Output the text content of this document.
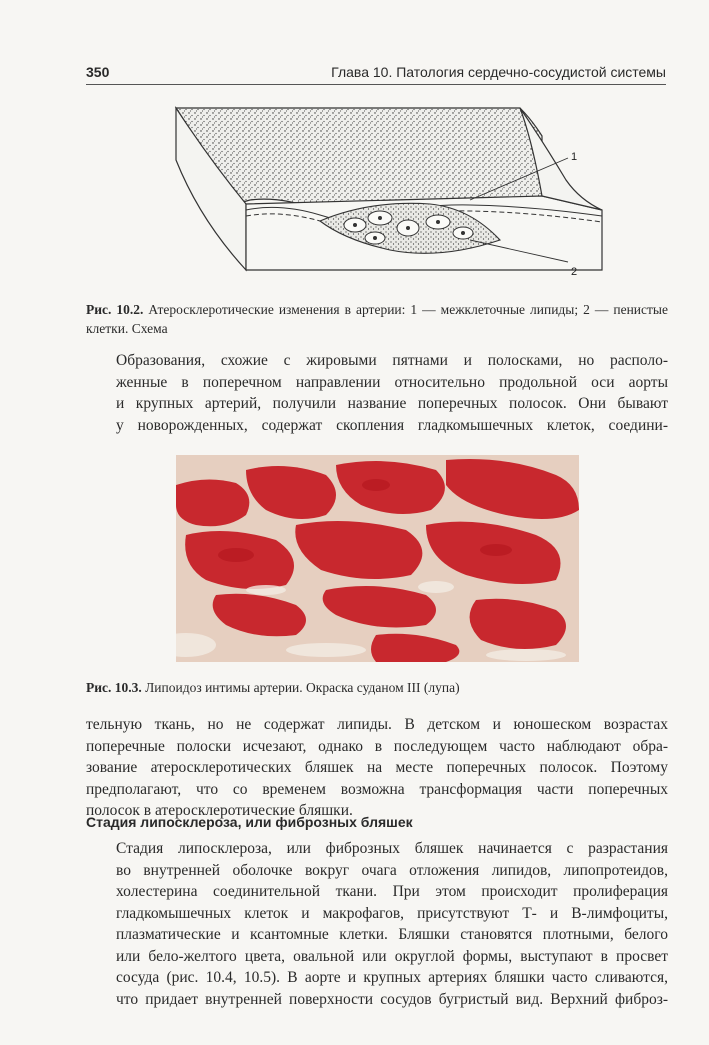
350	Глава 10. Патология сердечно-сосудистой системы
1
2
Рис. 10.2. Атеросклеротические изменения в артерии: 1 — межклеточные липиды; 2 — пенистые клетки. Схема
Образования, схожие с жировыми пятнами и полосками, но располо-
женные в поперечном направлении относительно продольной оси аорты
и крупных артерий, получили название поперечных полосок. Они бывают
у новорожденных, содержат скопления гладкомышечных клеток, соедини-
Рис. 10.3. Липоидоз интимы артерии. Окраска суданом III (лупа)
тельную ткань, но не содержат липиды. В детском и юношеском возрастах
поперечные полоски исчезают, однако в последующем часто наблюдают обра-
зование атеросклеротических бляшек на месте поперечных полосок. Поэтому
предполагают, что со временем возможна трансформация части поперечных
полосок в атеросклеротические бляшки.
Стадия липосклероза, или фиброзных бляшек
Стадия липосклероза, или фиброзных бляшек начинается с разрастания
во внутренней оболочке вокруг очага отложения липидов, липопротеидов,
холестерина соединительной ткани. При этом происходит пролиферация
гладкомышечных клеток и макрофагов, присутствуют Т- и В-лимфоциты,
плазматические и ксантомные клетки. Бляшки становятся плотными, белого
или бело-желтого цвета, овальной или округлой формы, выступают в просвет
сосуда (рис. 10.4, 10.5). В аорте и крупных артериях бляшки часто сливаются,
что придает внутренней поверхности сосудов бугристый вид. Верхний фиброз-
